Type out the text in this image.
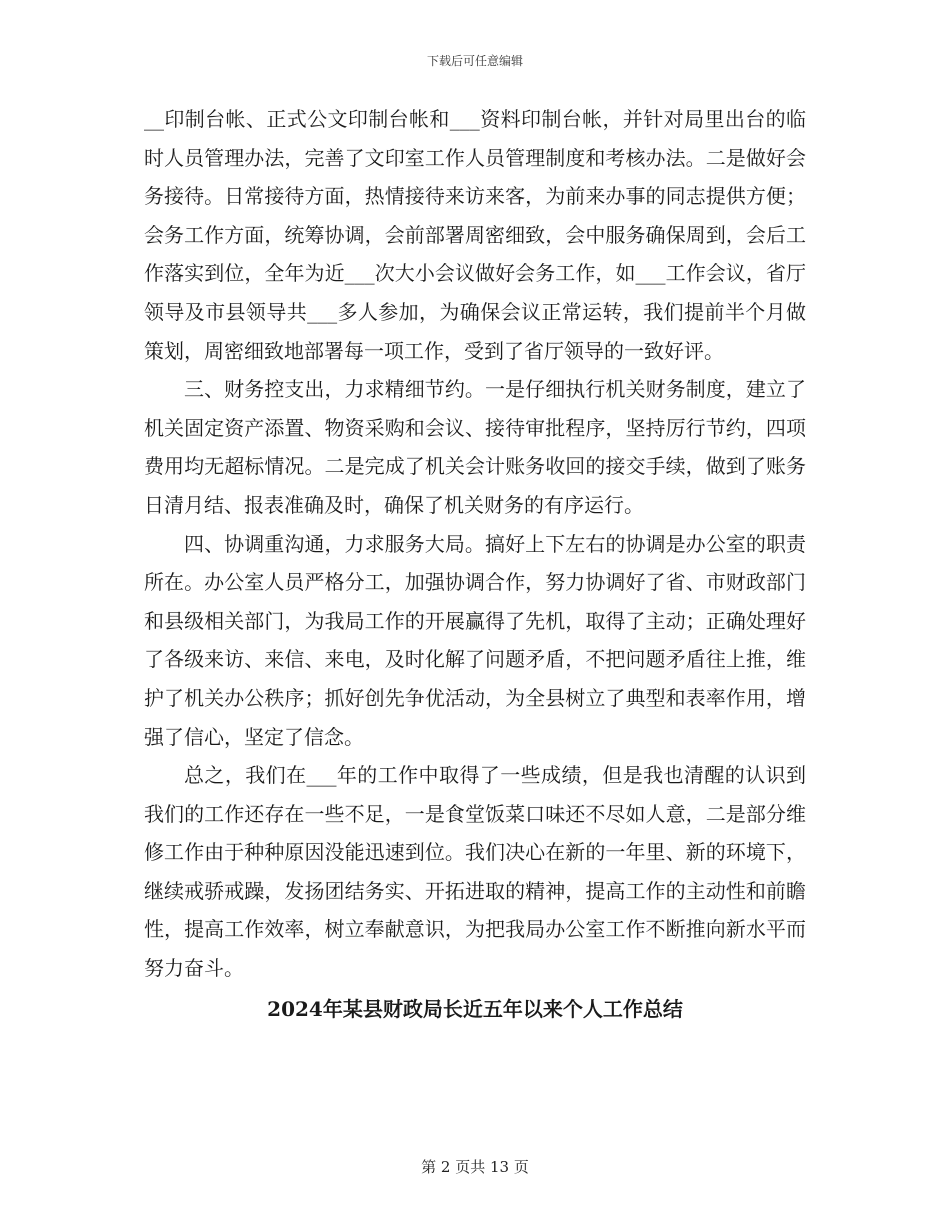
下载后可任意编辑

__印制台帐、正式公文印制台帐和___资料印制台帐，并针对局里出台的临时人员管理办法，完善了文印室工作人员管理制度和考核办法。二是做好会务接待。日常接待方面，热情接待来访来客，为前来办事的同志提供方便；会务工作方面，统筹协调，会前部署周密细致，会中服务确保周到，会后工作落实到位，全年为近___次大小会议做好会务工作，如___工作会议，省厅领导及市县领导共___多人参加，为确保会议正常运转，我们提前半个月做策划，周密细致地部署每一项工作，受到了省厅领导的一致好评。

三、财务控支出，力求精细节约。一是仔细执行机关财务制度，建立了机关固定资产添置、物资采购和会议、接待审批程序，坚持厉行节约，四项费用均无超标情况。二是完成了机关会计账务收回的接交手续，做到了账务日清月结、报表准确及时，确保了机关财务的有序运行。

四、协调重沟通，力求服务大局。搞好上下左右的协调是办公室的职责所在。办公室人员严格分工，加强协调合作，努力协调好了省、市财政部门和县级相关部门，为我局工作的开展赢得了先机，取得了主动；正确处理好了各级来访、来信、来电，及时化解了问题矛盾，不把问题矛盾往上推，维护了机关办公秩序；抓好创先争优活动，为全县树立了典型和表率作用，增强了信心，坚定了信念。

总之，我们在___年的工作中取得了一些成绩，但是我也清醒的认识到我们的工作还存在一些不足，一是食堂饭菜口味还不尽如人意，二是部分维修工作由于种种原因没能迅速到位。我们决心在新的一年里、新的环境下，继续戒骄戒躁，发扬团结务实、开拓进取的精神，提高工作的主动性和前瞻性，提高工作效率，树立奉献意识，为把我局办公室工作不断推向新水平而努力奋斗。

2024年某县财政局长近五年以来个人工作总结

第 2 页共 13 页
